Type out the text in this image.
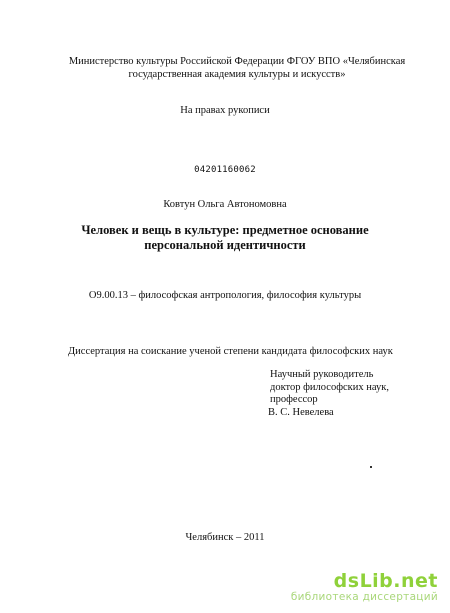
Министерство культуры Российской Федерации ФГОУ ВПО «Челябинская
государственная академия культуры и искусств»
На правах рукописи
04201160062
Ковтун Ольга Автономовна
Человек и вещь в культуре: предметное основание
персональной идентичности
О9.00.13 – философская антропология, философия культуры
Диссертация на соискание ученой степени кандидата философских наук
Научный руководитель
доктор философских наук,
профессор
В. С. Невелева
Челябинск – 2011
dsLib.net
библиотека диссертаций
